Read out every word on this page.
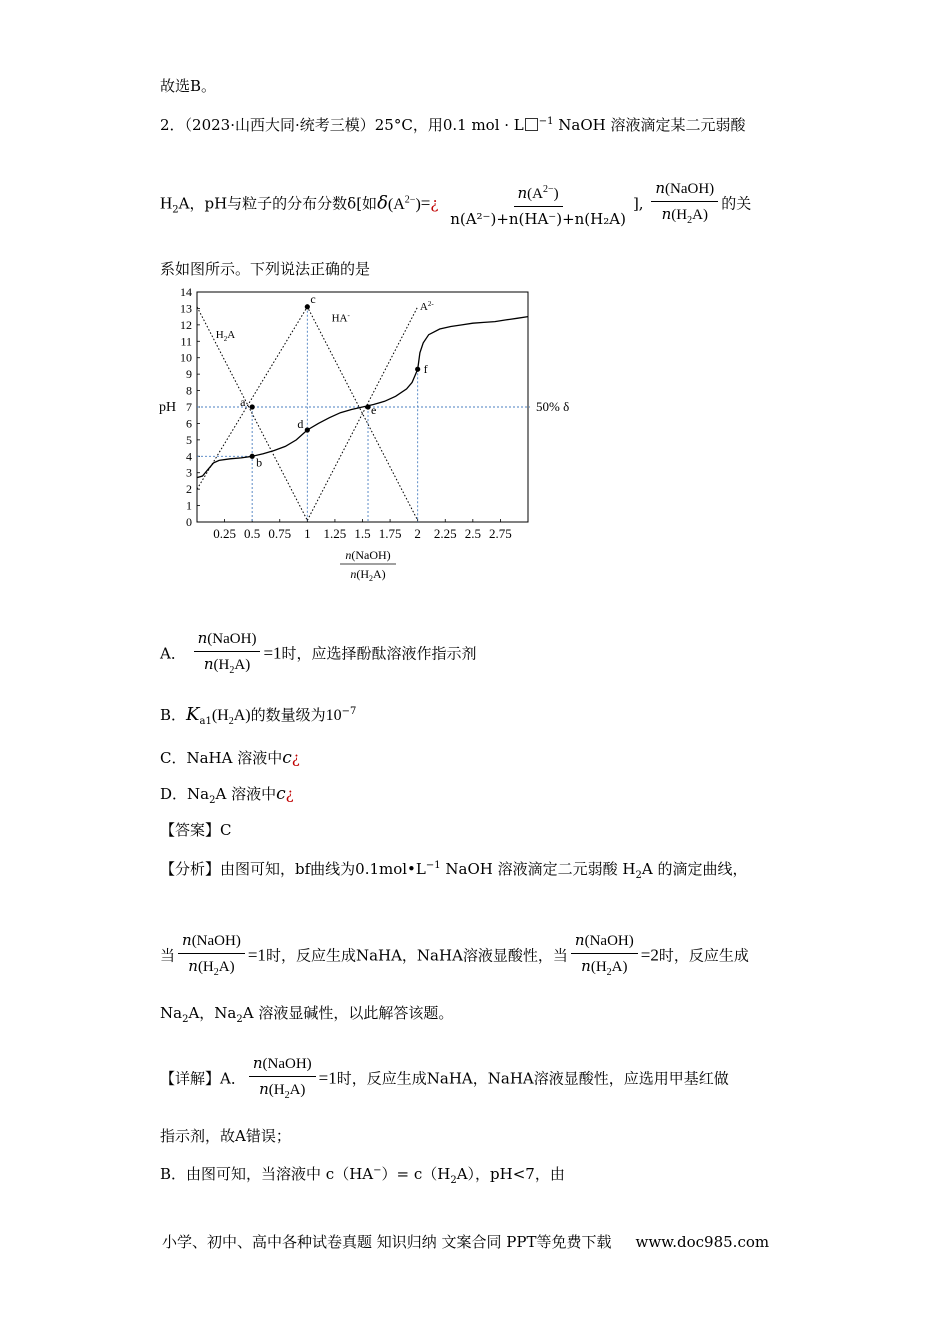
故选B。
2．（2023·山西大同·统考三模）25°C，用0.1 mol · L $^{-1}$ NaOH 溶液滴定某二元弱酸
$H_2A$，pH与粒子的分布分数δ[如$\delta(A^{2-})=¿ \frac{n(A^{2-})}{\text{n(A²⁻)+n(HA⁻)+n(H₂A)}}$ ], $\frac{\text{n(NaOH)}}{n(H_2A)}$ 的关
系如图所示。下列说法正确的是
0
1
2
3
4
5
6
7
8
9
10
11
12
13
14
0.25 0.5 0.75 1 1.25 1.5 1.75 2 2.25 2.5 2.75
pH
n(NaOH)
$n(H_2A)$
50% δ
$H_2A$
HA-
$A^{2-}$
a
b
c
d
e
f
A． $\frac{\text{n(NaOH)}}{n(H_2A)} =1$时，应选择酚酞溶液作指示剂
B．$K_{a1}(H_2A)$的数量级为$10^{-7}$
C．NaHA 溶液中c¿
D．$Na_2A$ 溶液中c¿
【答案】C
【分析】由图可知，bf曲线为$0.1mol•L^{-1}$ NaOH 溶液滴定二元弱酸 $H_2A$ 的滴定曲线，
当 $\frac{\text{n(NaOH)}}{n(H_2A)} =1$时，反应生成NaHA，NaHA溶液显酸性，当 $\frac{\text{n(NaOH)}}{n(H_2A)} =2$时，反应生成
$Na_2A$，$Na_2A$ 溶液显碱性，以此解答该题。
【详解】A． $\frac{\text{n(NaOH)}}{n(H_2A)} =1$时，反应生成NaHA，NaHA溶液显酸性，应选用甲基红做
指示剂，故A错误；
B．由图可知，当溶液中 $c(HA^-)= c(H_2A)$，pH<7，由
小学、初中、高中各种试卷真题 知识归纳 文案合同 PPT等免费下载 www.doc985.com
